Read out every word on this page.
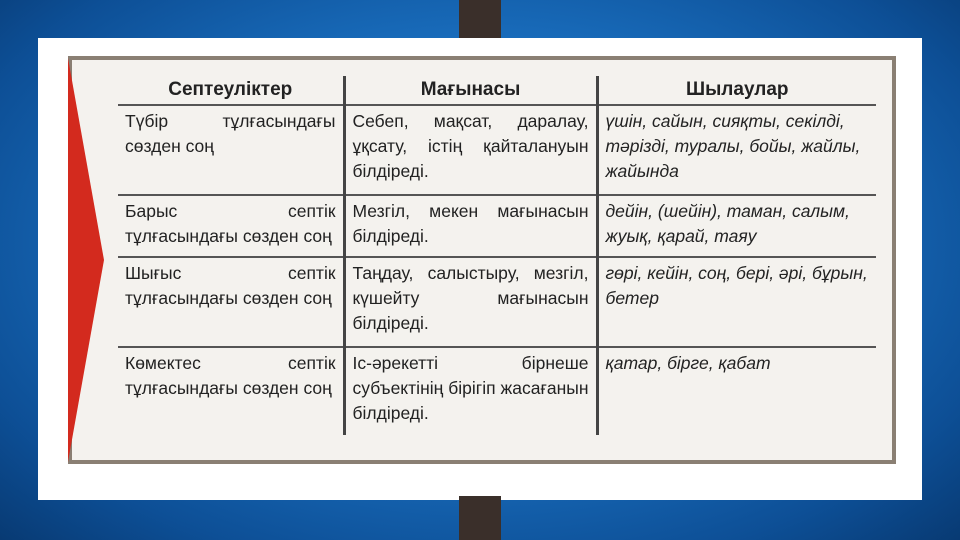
Септеуліктер	Мағынасы	Шылаулар
Түбір тұлғасындағы сөзден соң	Себеп, мақсат, даралау, ұқсату, істің қайталануын білдіреді.	үшін, сайын, сияқты, секілді, тәрізді, туралы, бойы, жайлы, жайында
Барыс септік тұлғасындағы сөзден соң	Мезгіл, мекен мағынасын білдіреді.	дейін, (шейін), таман, салым, жуық, қарай, таяу
Шығыс септік тұлғасындағы сөзден соң	Таңдау, салыстыру, мезгіл, күшейту мағынасын білдіреді.	гөрі, кейін, соң, бері, әрі, бұрын, бетер
Көмектес септік тұлғасындағы сөзден соң	Іс-әрекетті бірнеше субъектінің бірігіп жасағанын білдіреді.	қатар, бірге, қабат
